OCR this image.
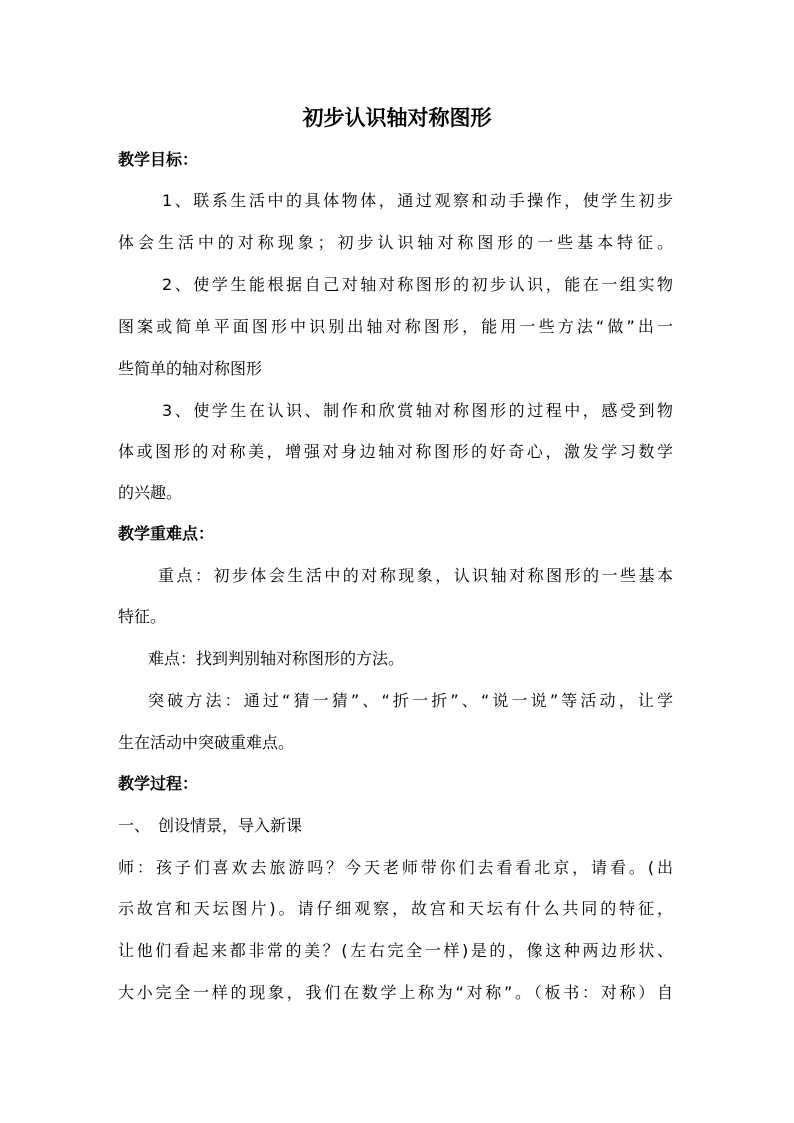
初步认识轴对称图形
教学目标：
1、联系生活中的具体物体，通过观察和动手操作，使学生初步
体会生活中的对称现象；初步认识轴对称图形的一些基本特征。
2、使学生能根据自己对轴对称图形的初步认识，能在一组实物
图案或简单平面图形中识别出轴对称图形，能用一些方法“做”出一
些简单的轴对称图形
3、使学生在认识、制作和欣赏轴对称图形的过程中，感受到物
体或图形的对称美，增强对身边轴对称图形的好奇心，激发学习数学
的兴趣。
教学重难点：
重点：初步体会生活中的对称现象，认识轴对称图形的一些基本
特征。
难点：找到判别轴对称图形的方法。
突破方法：通过“猜一猜”、“折一折”、“说一说”等活动，让学
生在活动中突破重难点。
教学过程：
一、　创设情景，导入新课
师：孩子们喜欢去旅游吗？今天老师带你们去看看北京，请看。(出
示故宫和天坛图片)。请仔细观察，故宫和天坛有什么共同的特征，
让他们看起来都非常的美？(左右完全一样)是的，像这种两边形状、
大小完全一样的现象，我们在数学上称为“对称”。（板书：对称）自
